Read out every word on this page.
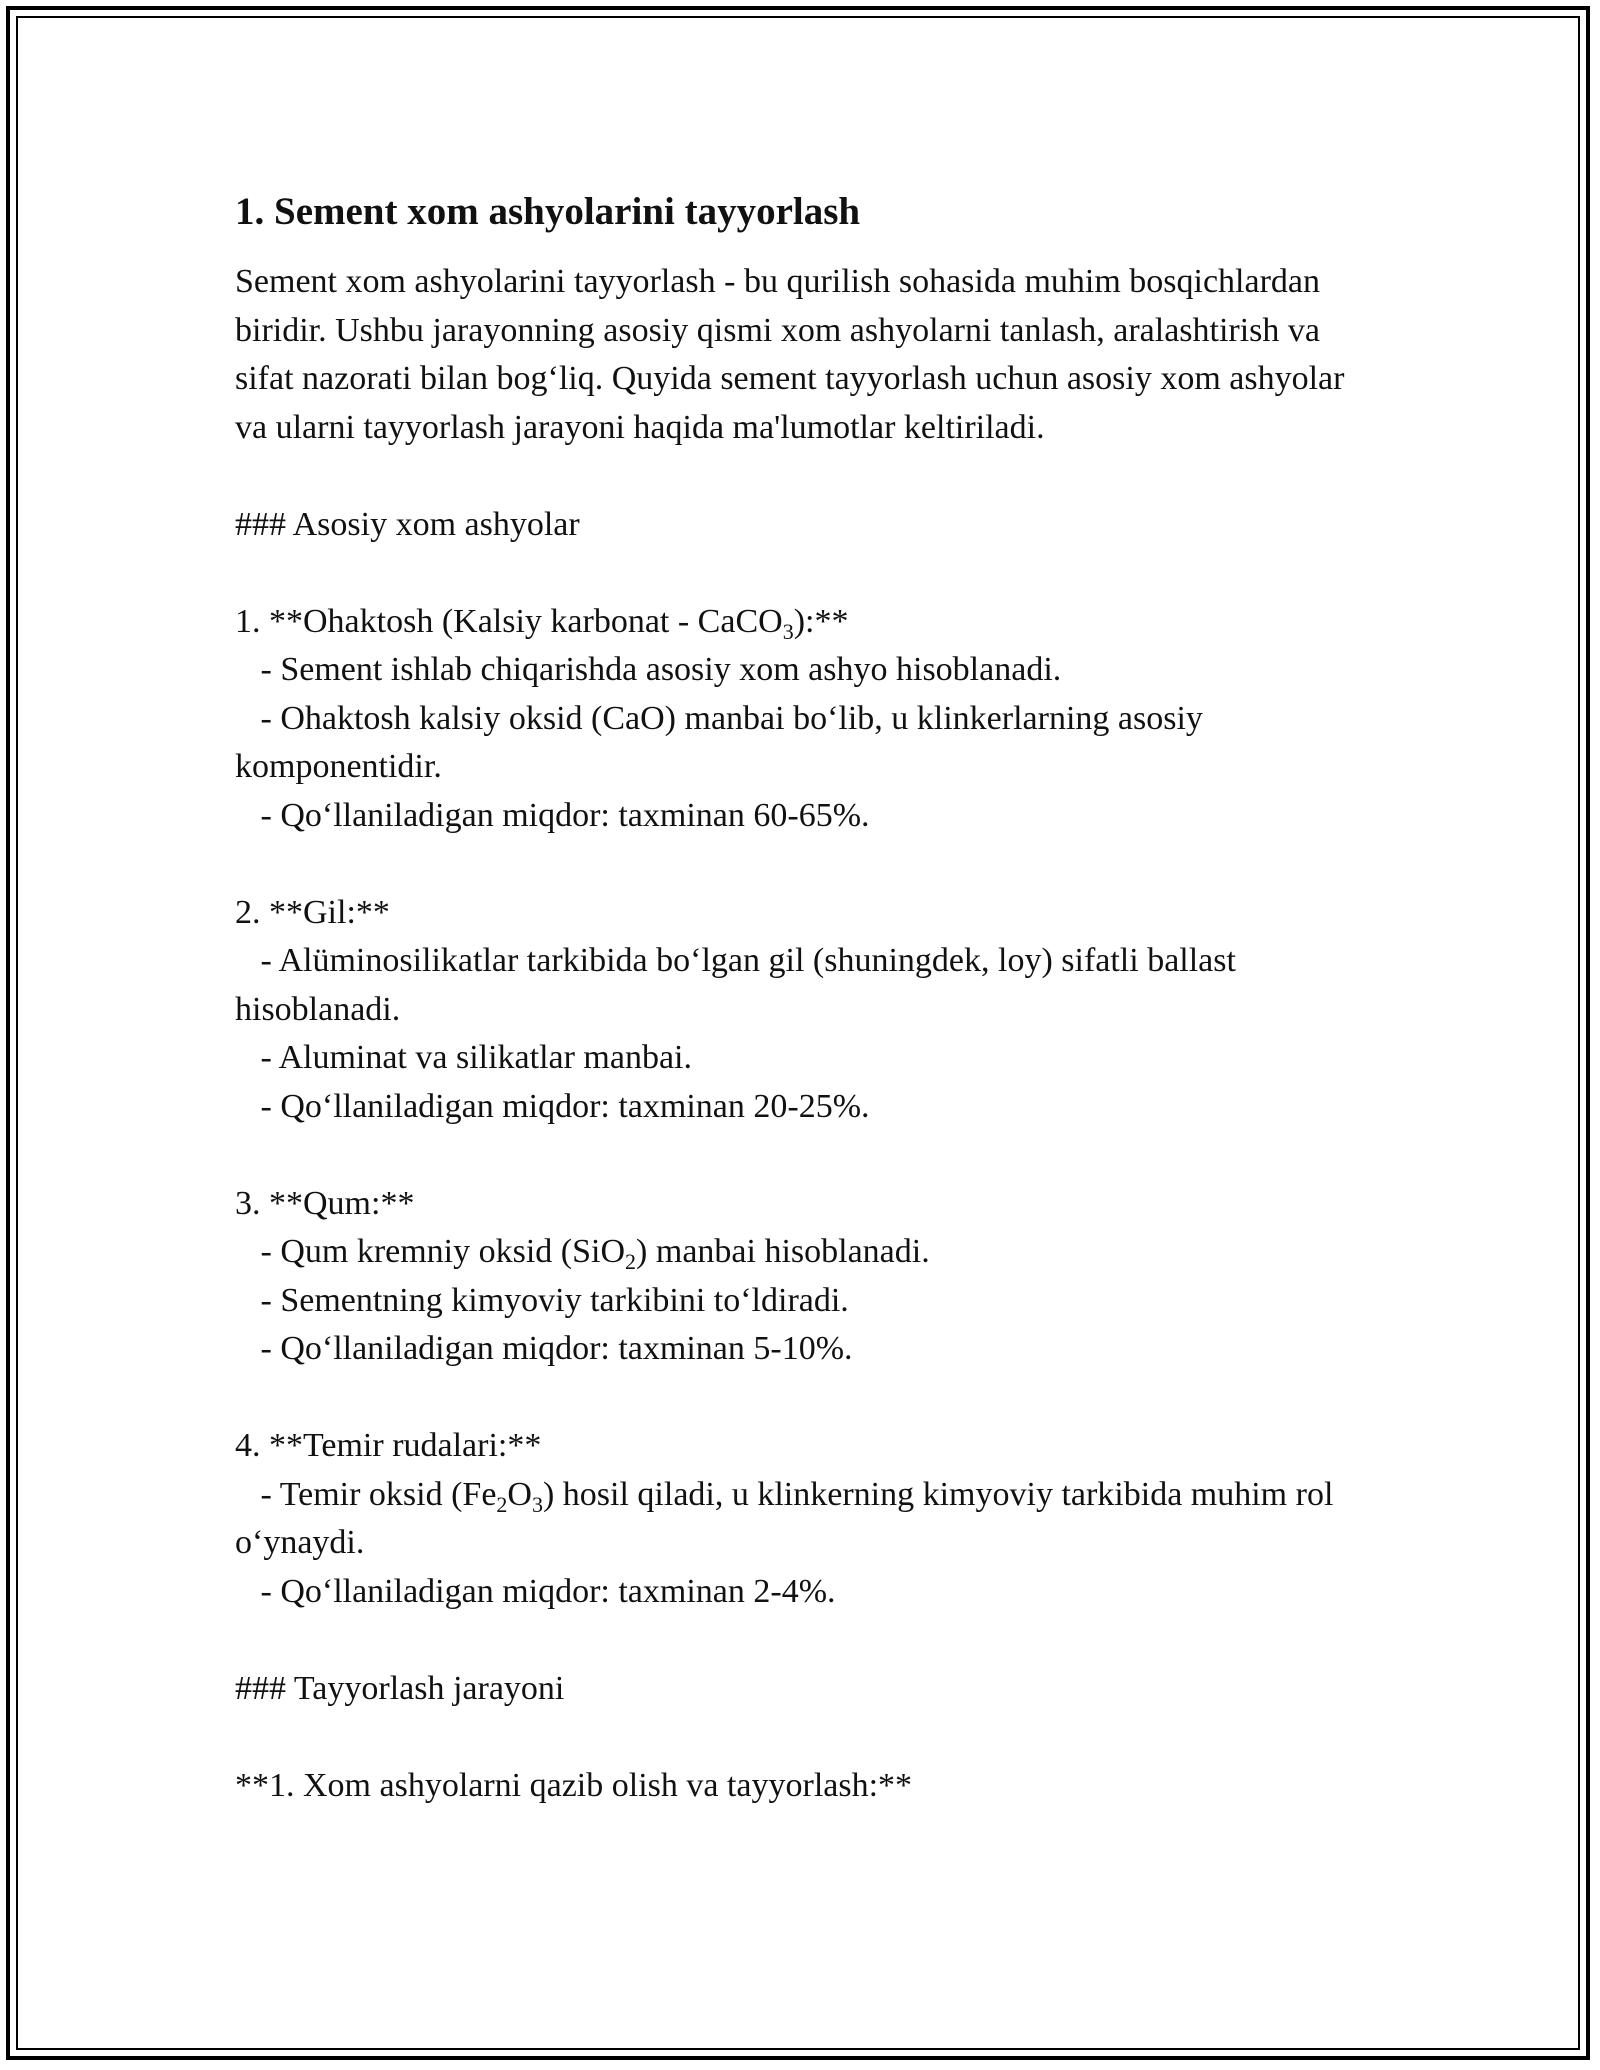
1. Sement xom ashyolarini tayyorlash

Sement xom ashyolarini tayyorlash - bu qurilish sohasida muhim bosqichlardan biridir. Ushbu jarayonning asosiy qismi xom ashyolarni tanlash, aralashtirish va sifat nazorati bilan bog‘liq. Quyida sement tayyorlash uchun asosiy xom ashyolar va ularni tayyorlash jarayoni haqida ma'lumotlar keltiriladi.

### Asosiy xom ashyolar

1. **Ohaktosh (Kalsiy karbonat - CaCO$_3$):**

- Sement ishlab chiqarishda asosiy xom ashyo hisoblanadi.

- Ohaktosh kalsiy oksid (CaO) manbai bo‘lib, u klinkerlarning asosiy komponentidir.

- Qo‘llaniladigan miqdor: taxminan 60-65%.

2. **Gil:**

- Alüminosilikatlar tarkibida bo‘lgan gil (shuningdek, loy) sifatli ballast hisoblanadi.

- Aluminat va silikatlar manbai.

- Qo‘llaniladigan miqdor: taxminan 20-25%.

3. **Qum:**

- Qum kremniy oksid (SiO$_2$) manbai hisoblanadi.

- Sementning kimyoviy tarkibini to‘ldiradi.

- Qo‘llaniladigan miqdor: taxminan 5-10%.

4. **Temir rudalari:**

- Temir oksid $(Fe_2O_3)$ hosil qiladi, u klinkerning kimyoviy tarkibida muhim rol o‘ynaydi.

- Qo‘llaniladigan miqdor: taxminan 2-4%.

### Tayyorlash jarayoni

**1. Xom ashyolarni qazib olish va tayyorlash:**
